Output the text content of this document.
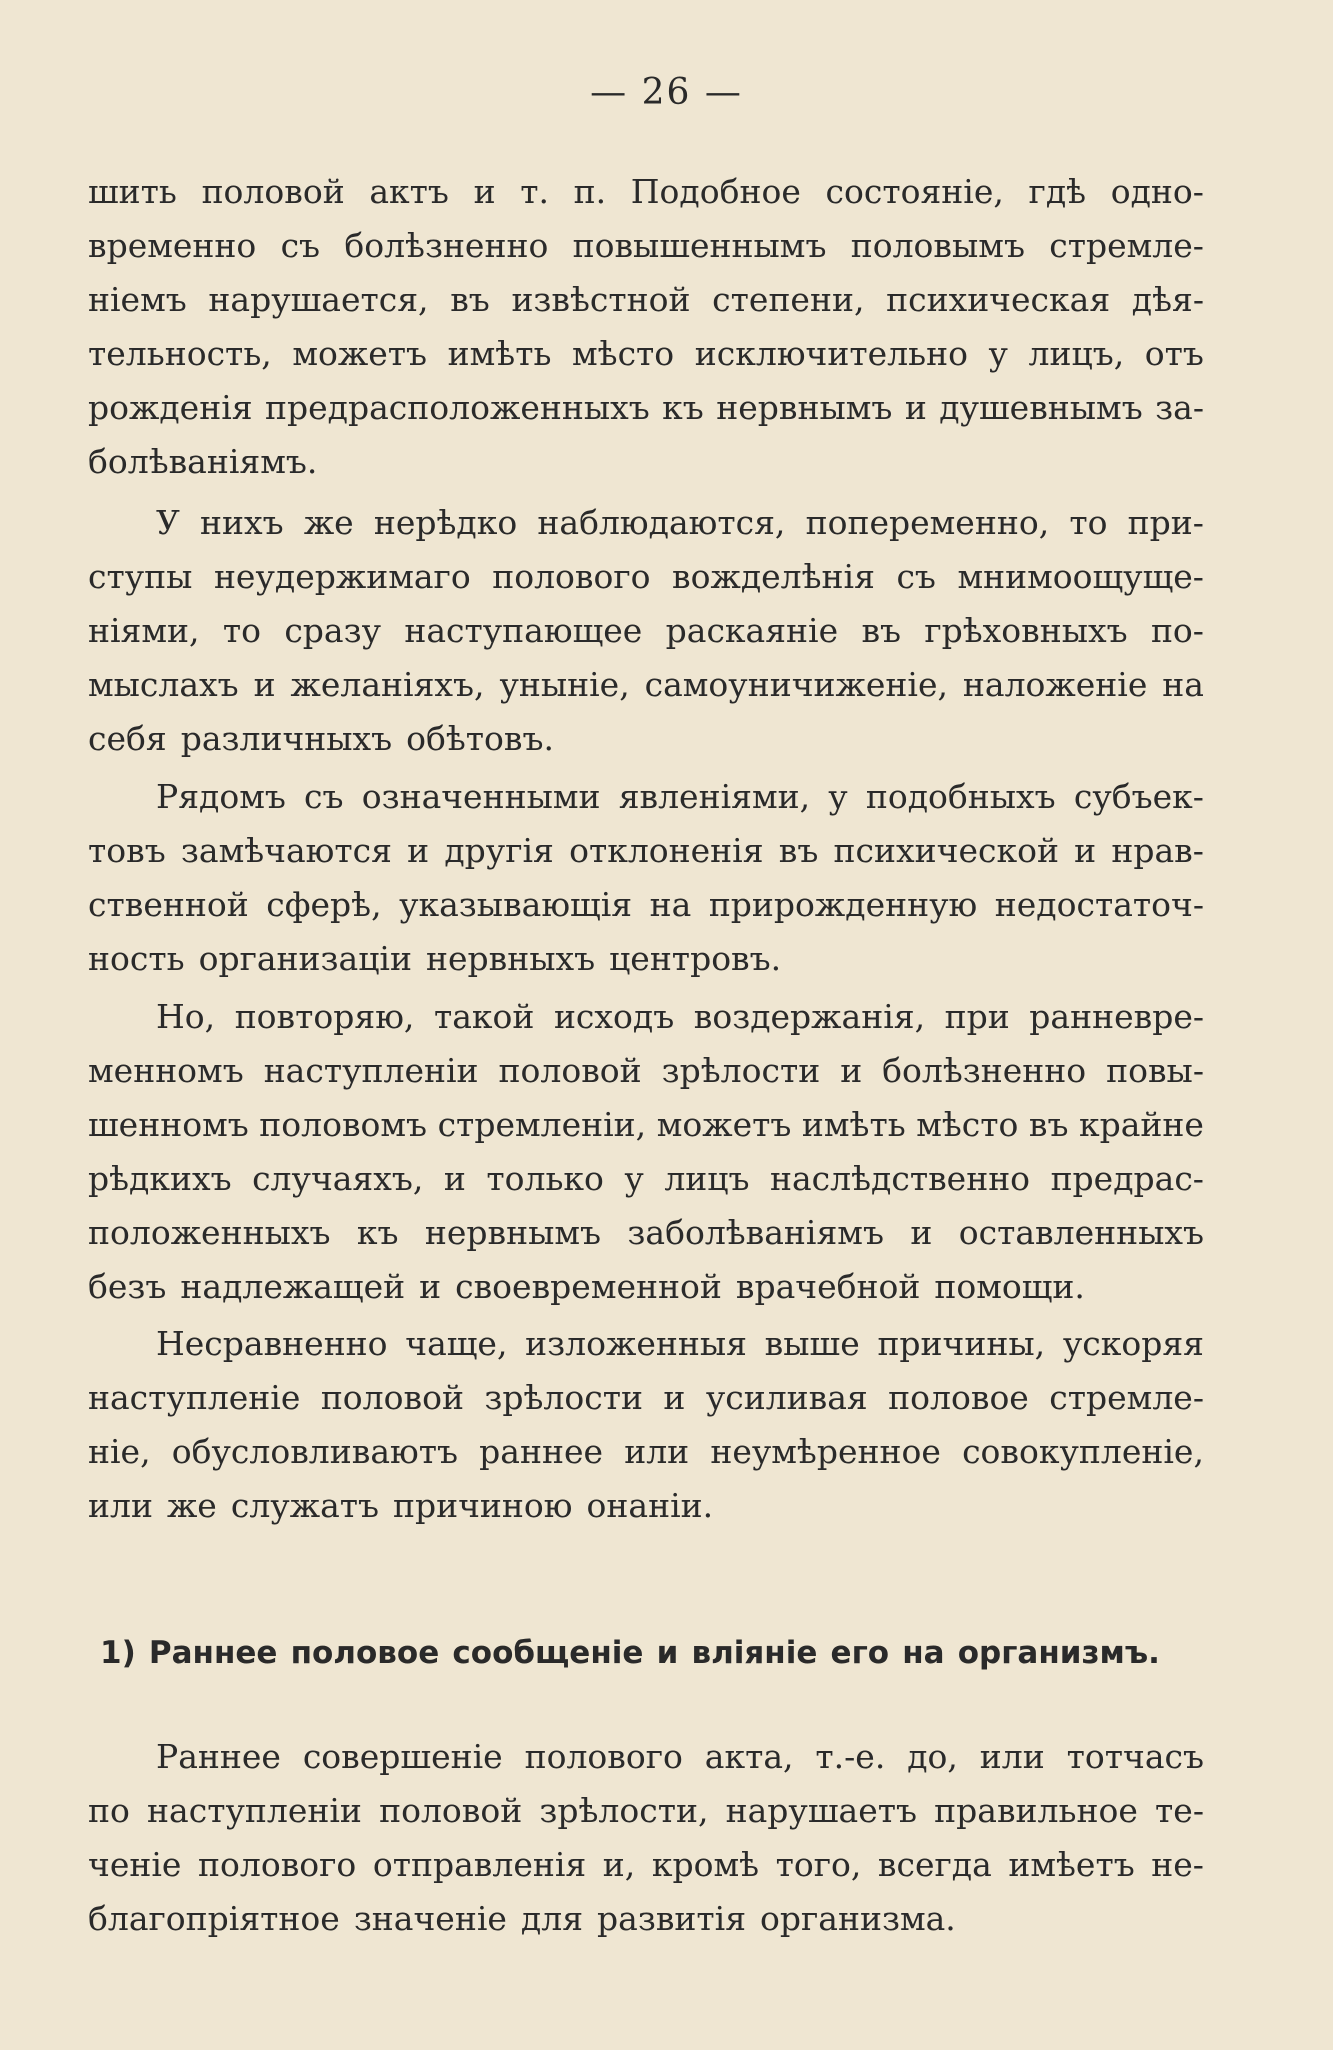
— 26 —
шить половой актъ и т. п. Подобное состоянiе, гдѣ одно-
временно съ болѣзненно повышеннымъ половымъ стремле-
нiемъ нарушается, въ извѣстной степени, психическая дѣя-
тельность, можетъ имѣть мѣсто исключительно у лицъ, отъ
рожденiя предрасположенныхъ къ нервнымъ и душевнымъ за-
болѣванiямъ.
У нихъ же нерѣдко наблюдаются, попеременно, то при-
ступы неудержимаго полового вожделѣнiя съ мнимоощуще-
нiями, то сразу наступающее раскаянiе въ грѣховныхъ по-
мыслахъ и желанiяхъ, унынiе, самоуничиженiе, наложенiе на
себя различныхъ обѣтовъ.
Рядомъ съ означенными явленiями, у подобныхъ субъек-
товъ замѣчаются и другiя отклоненiя въ психической и нрав-
ственной сферѣ, указывающiя на прирожденную недостаточ-
ность организацiи нервныхъ центровъ.
Но, повторяю, такой исходъ воздержанiя, при ранневре-
менномъ наступленiи половой зрѣлости и болѣзненно повы-
шенномъ половомъ стремленiи, можетъ имѣть мѣсто въ крайне
рѣдкихъ случаяхъ, и только у лицъ наслѣдственно предрас-
положенныхъ къ нервнымъ заболѣванiямъ и оставленныхъ
безъ надлежащей и своевременной врачебной помощи.
Несравненно чаще, изложенныя выше причины, ускоряя
наступленiе половой зрѣлости и усиливая половое стремле-
нiе, обусловливаютъ раннее или неумѣренное совокупленiе,
или же служатъ причиною онанiи.
1) Раннее половое сообщенiе и влiянiе его на организмъ.
Раннее совершенiе полового акта, т.-е. до, или тотчасъ
по наступленiи половой зрѣлости, нарушаетъ правильное те-
ченiе полового отправленiя и, кромѣ того, всегда имѣетъ не-
благопрiятное значенiе для развитiя организма.
